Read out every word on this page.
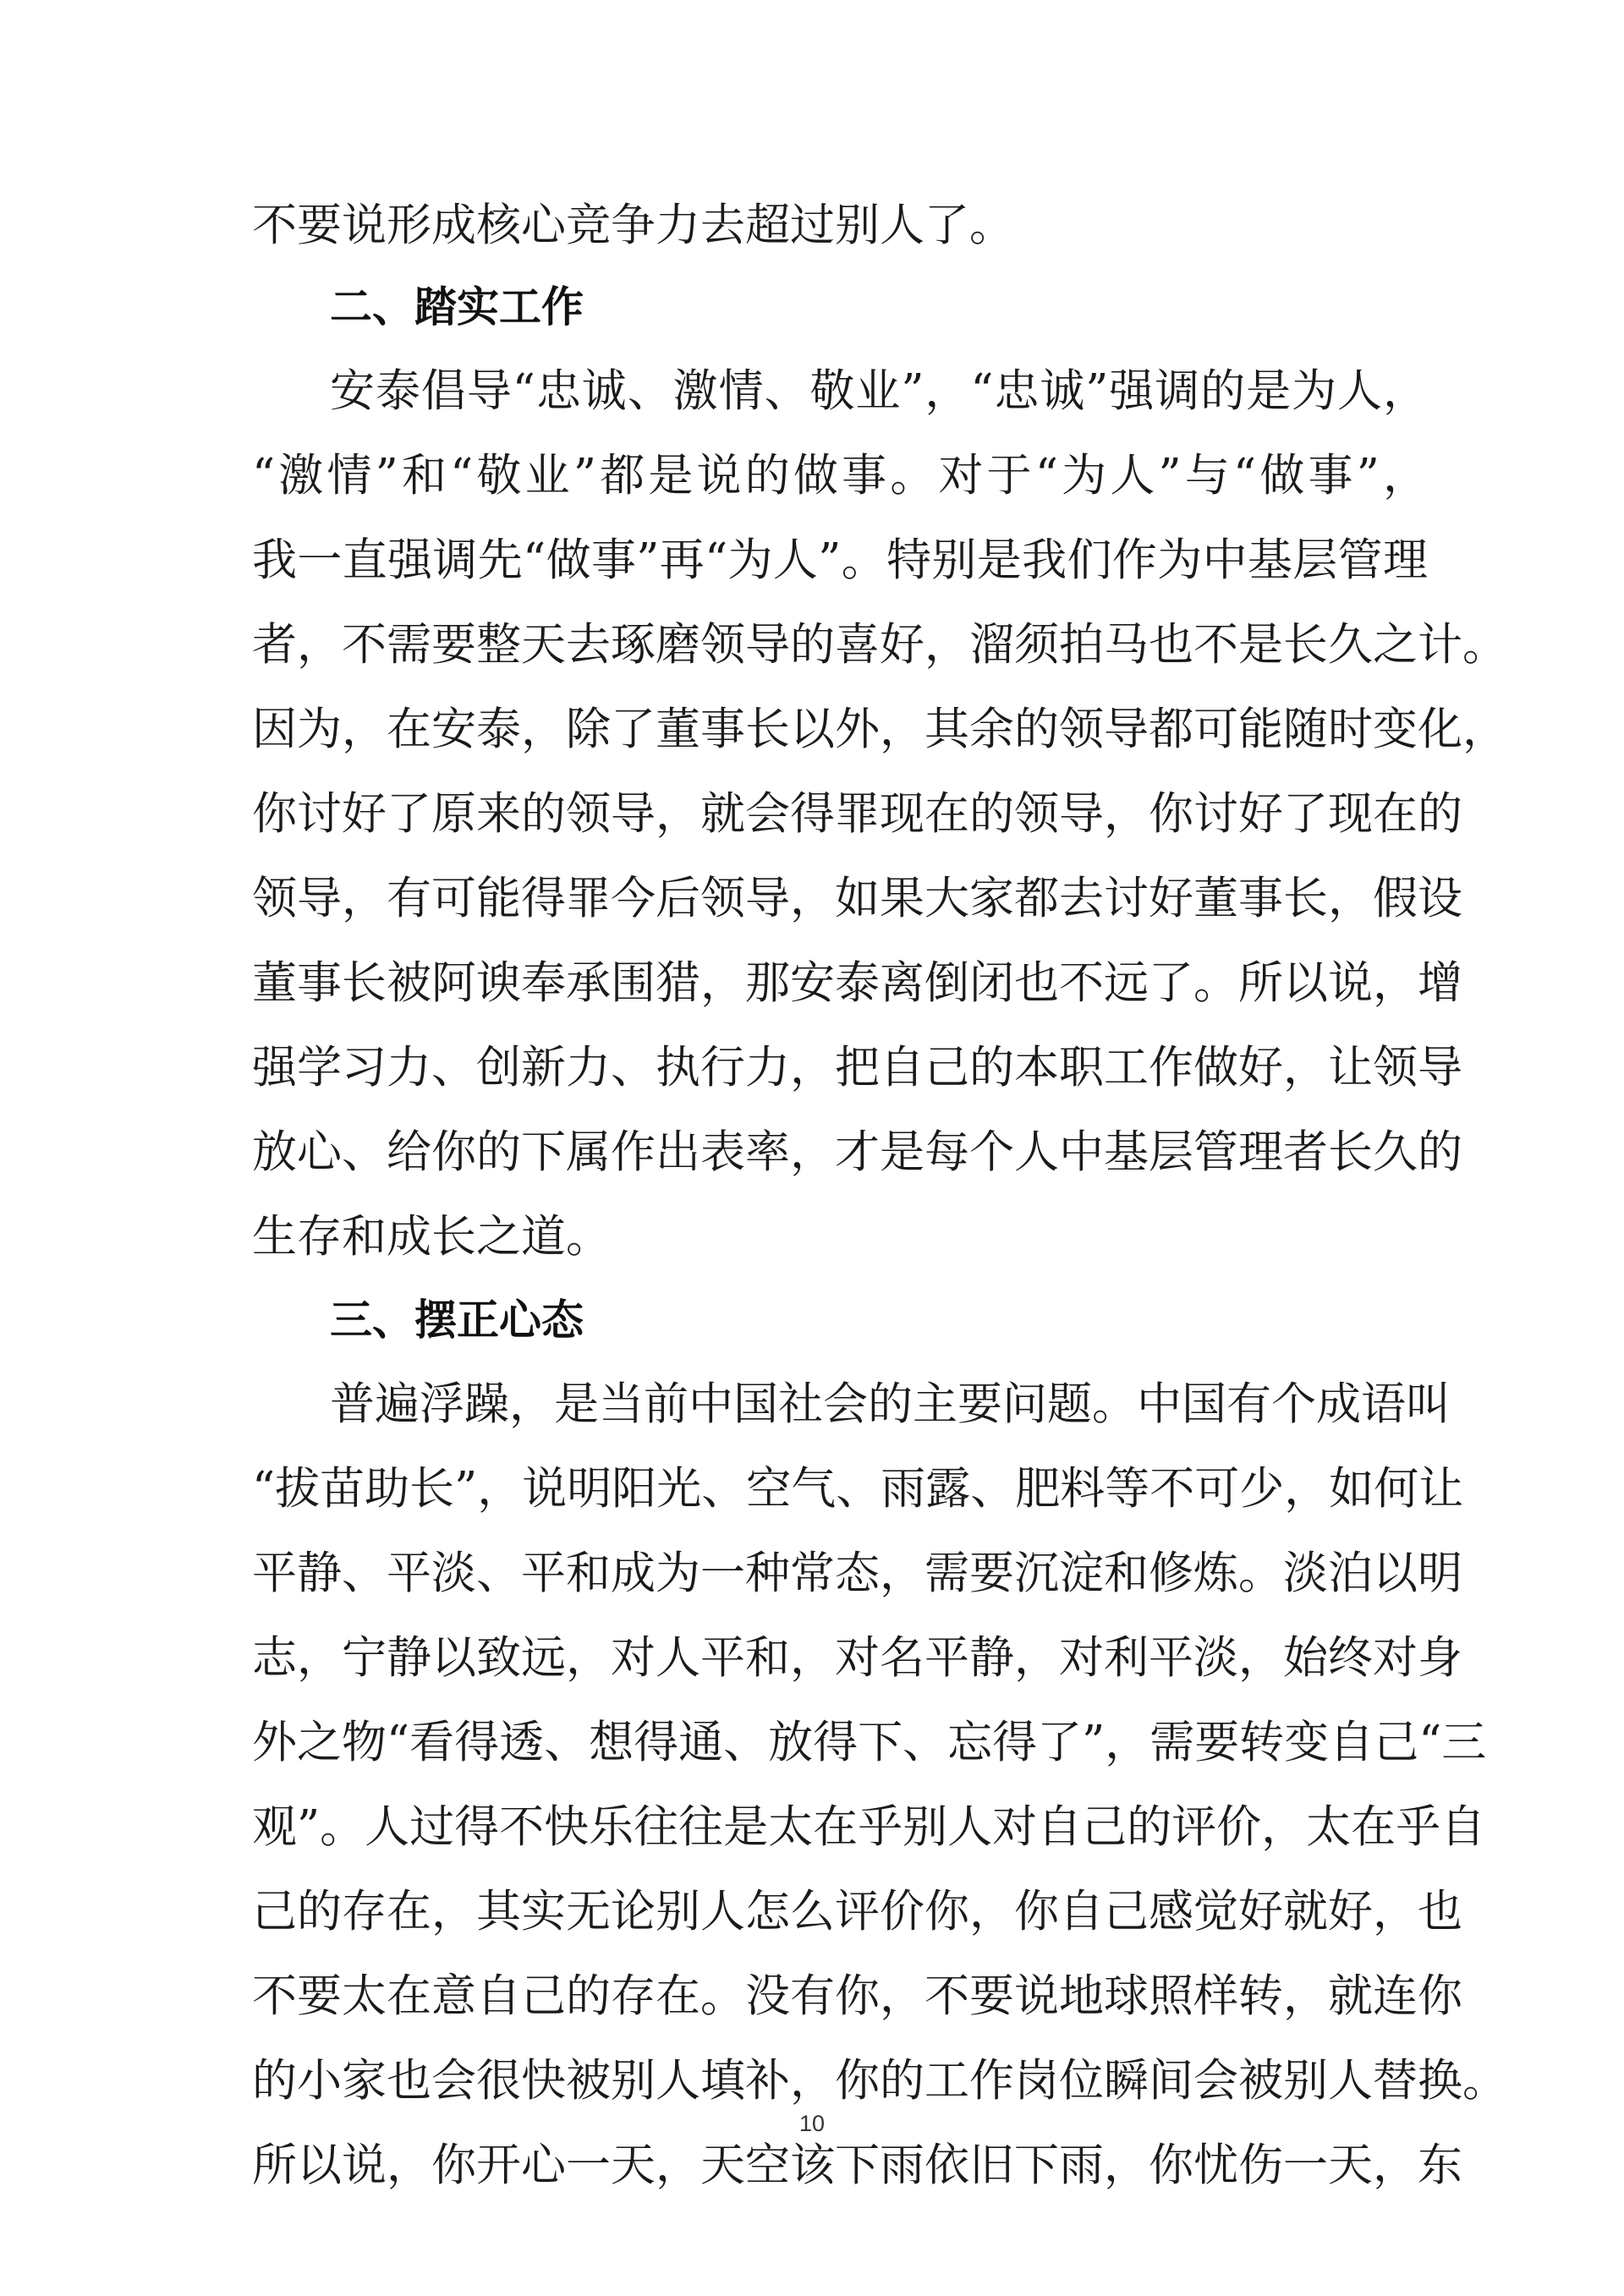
不要说形成核心竞争力去超过别人了。
二、踏实工作
安泰倡导“忠诚、激情、敬业”，“忠诚”强调的是为人，
“激情”和“敬业”都是说的做事。对于“为人”与“做事”，
我一直强调先“做事”再“为人”。特别是我们作为中基层管理
者，不需要整天去琢磨领导的喜好，溜须拍马也不是长久之计。
因为，在安泰，除了董事长以外，其余的领导都可能随时变化，
你讨好了原来的领导，就会得罪现在的领导，你讨好了现在的
领导，有可能得罪今后领导，如果大家都去讨好董事长，假设
董事长被阿谀奉承围猎，那安泰离倒闭也不远了。所以说，增
强学习力、创新力、执行力，把自己的本职工作做好，让领导
放心、给你的下属作出表率，才是每个人中基层管理者长久的
生存和成长之道。
三、摆正心态
普遍浮躁，是当前中国社会的主要问题。中国有个成语叫
“拔苗助长”，说明阳光、空气、雨露、肥料等不可少，如何让
平静、平淡、平和成为一种常态，需要沉淀和修炼。淡泊以明
志，宁静以致远，对人平和，对名平静，对利平淡，始终对身
外之物“看得透、想得通、放得下、忘得了”，需要转变自己“三
观”。人过得不快乐往往是太在乎别人对自己的评价，太在乎自
己的存在，其实无论别人怎么评价你，你自己感觉好就好，也
不要太在意自己的存在。没有你，不要说地球照样转，就连你
的小家也会很快被别人填补，你的工作岗位瞬间会被别人替换。
所以说，你开心一天，天空该下雨依旧下雨，你忧伤一天，东
10
